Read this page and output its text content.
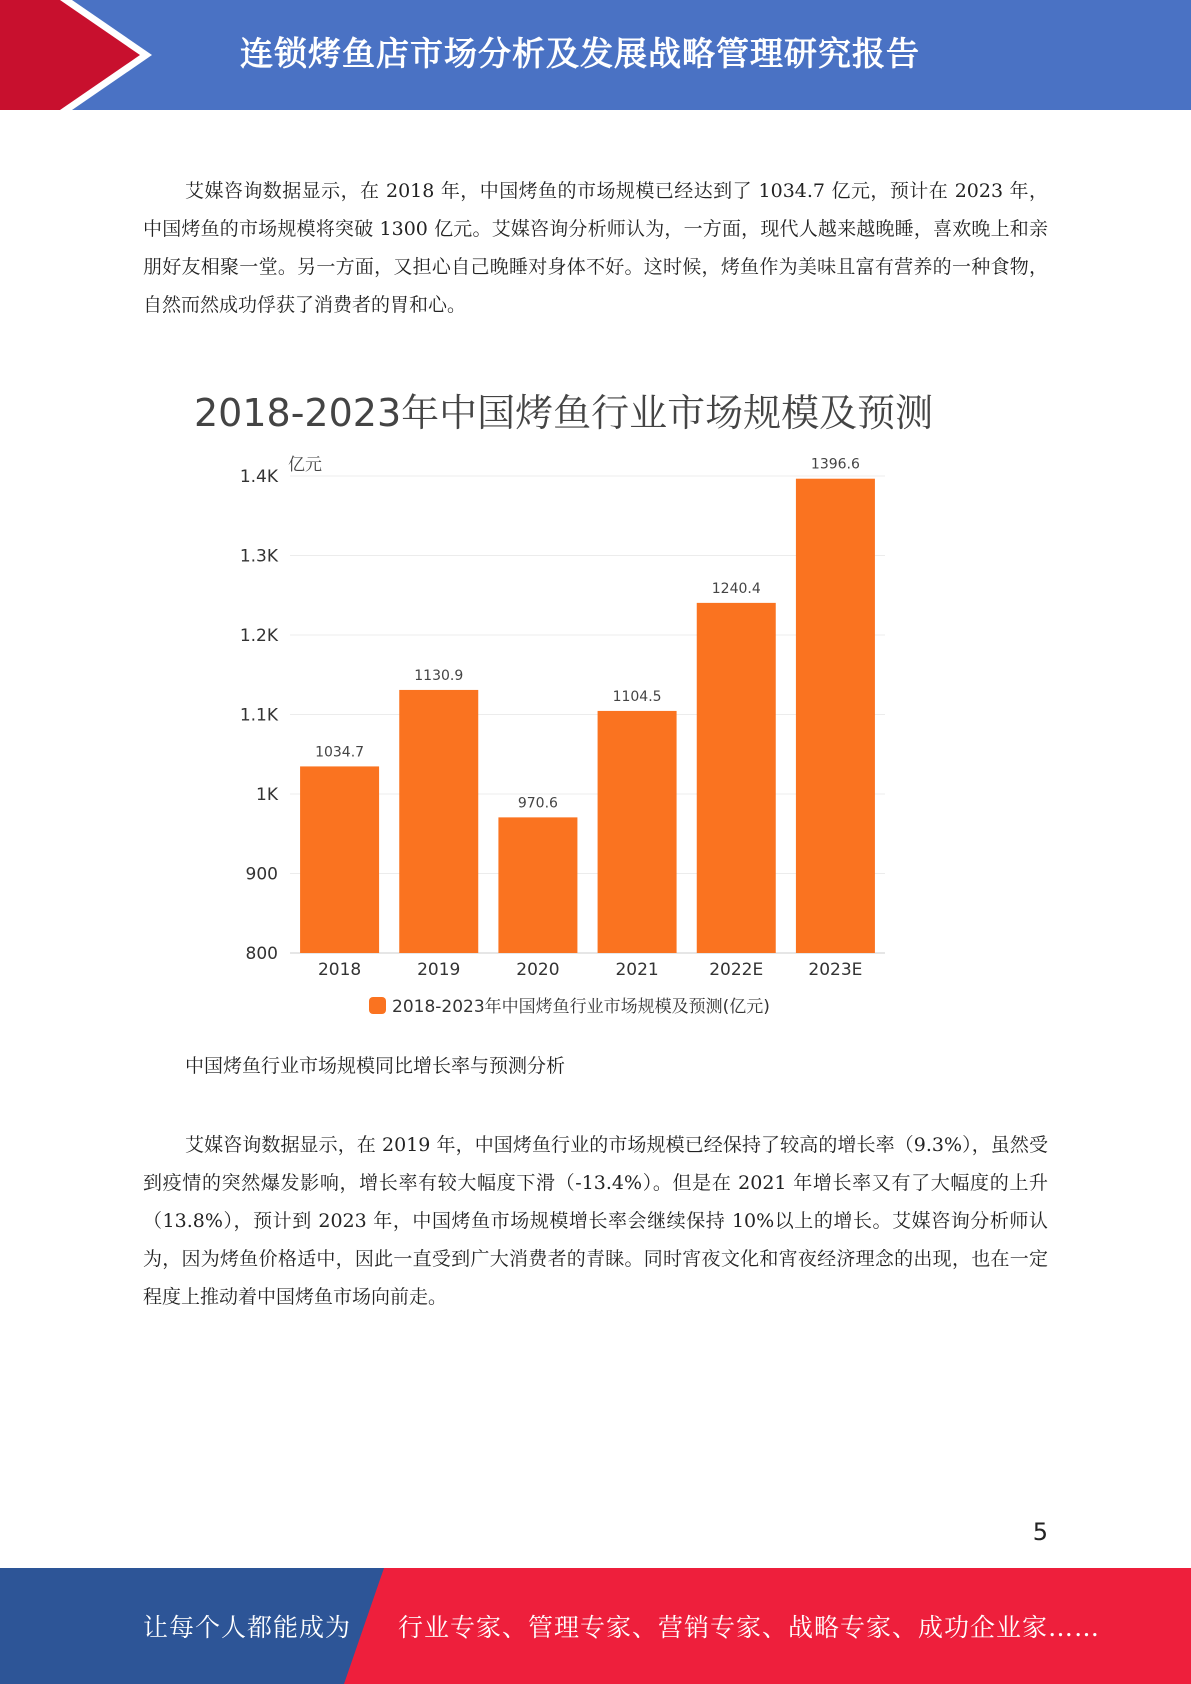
连锁烤鱼店市场分析及发展战略管理研究报告

艾媒咨询数据显示，在 2018 年，中国烤鱼的市场规模已经达到了 1034.7 亿元，预计在 2023 年，中国烤鱼的市场规模将突破 1300 亿元。艾媒咨询分析师认为，一方面，现代人越来越晚睡，喜欢晚上和亲朋好友相聚一堂。另一方面，又担心自己晚睡对身体不好。这时候，烤鱼作为美味且富有营养的一种食物，自然而然成功俘获了消费者的胃和心。

2018-2023年中国烤鱼行业市场规模及预测
亿元
800
900
1K
1.1K
1.2K
1.3K
1.4K
1034.7
2018
1130.9
2019
970.6
2020
1104.5
2021
1240.4
2022E
1396.6
2023E
2018-2023年中国烤鱼行业市场规模及预测(亿元)
中国烤鱼行业市场规模同比增长率与预测分析

艾媒咨询数据显示，在 2019 年，中国烤鱼行业的市场规模已经保持了较高的增长率（9.3%），虽然受到疫情的突然爆发影响，增长率有较大幅度下滑（-13.4%）。但是在 2021 年增长率又有了大幅度的上升（13.8%），预计到 2023 年，中国烤鱼市场规模增长率会继续保持 10%以上的增长。艾媒咨询分析师认为，因为烤鱼价格适中，因此一直受到广大消费者的青睐。同时宵夜文化和宵夜经济理念的出现，也在一定程度上推动着中国烤鱼市场向前走。

5
让每个人都能成为 行业专家、管理专家、营销专家、战略专家、成功企业家……
